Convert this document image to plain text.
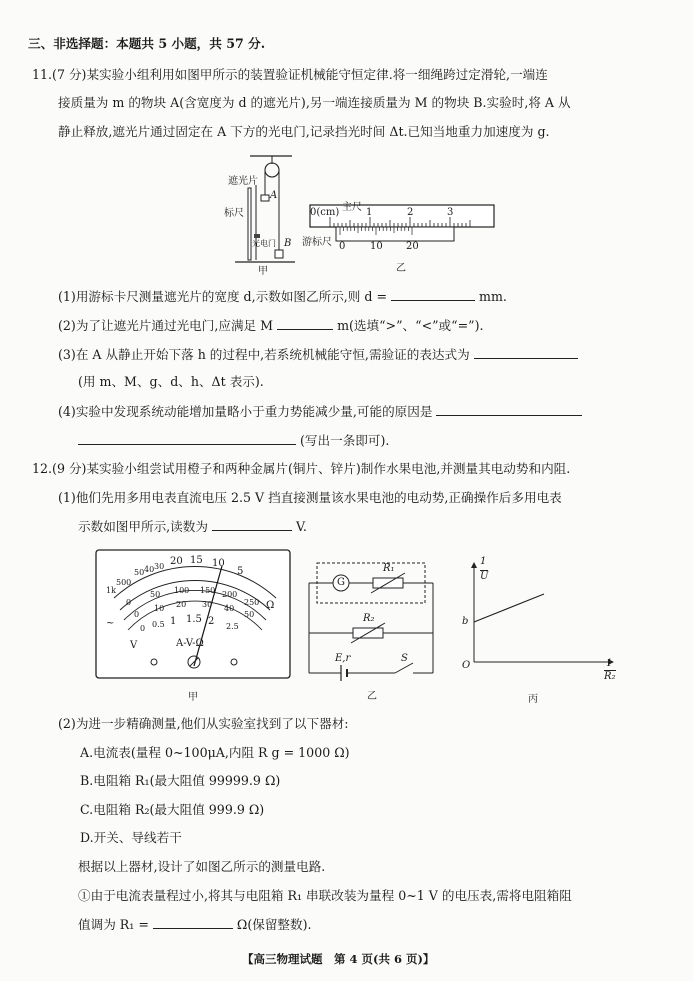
三、非选择题：本题共 5 小题，共 57 分.
11.(7 分)某实验小组利用如图甲所示的装置验证机械能守恒定律.将一细绳跨过定滑轮,一端连
接质量为 m 的物块 A(含宽度为 d 的遮光片),另一端连接质量为 M 的物块 B.实验时,将 A 从
静止释放,遮光片通过固定在 A 下方的光电门,记录挡光时间 Δt.已知当地重力加速度为 g.
遮光片
A
标尺
光电门 B
甲
0(cm) 主尺 1	2	3
游标尺 0 10 20
乙
(1)用游标卡尺测量遮光片的宽度 d,示数如图乙所示,则 d =	mm.
(2)为了让遮光片通过光电门,应满足 M	m(选填“>”、“<”或“=”).
(3)在 A 从静止开始下落 h 的过程中,若系统机械能守恒,需验证的表达式为
(用 m、M、g、d、h、Δt 表示).
(4)实验中发现系统动能增加量略小于重力势能减少量,可能的原因是
(写出一条即可).
12.(9 分)某实验小组尝试用橙子和两种金属片(铜片、锌片)制作水果电池,并测量其电动势和内阻.
(1)他们先用多用电表直流电压 2.5 V 挡直接测量该水果电池的电动势,正确操作后多用电表
示数如图甲所示,读数为	V.
1k
500
50 40 30 20 15 10
5
0
50 100 150 200
250
0
10 20 30 40
50
0 0.5 1 1.5 2 2.5
Ω
~
V	A-V-Ω
甲
G
R₁
R₂
E,r	S
乙
1
U
b
O	1
R₂
丙
(2)为进一步精确测量,他们从实验室找到了以下器材:
A.电流表(量程 0~100μA,内阻 R g = 1000 Ω)
B.电阻箱 R₁(最大阻值 99999.9 Ω)
C.电阻箱 R₂(最大阻值 999.9 Ω)
D.开关、导线若干
根据以上器材,设计了如图乙所示的测量电路.
①由于电流表量程过小,将其与电阻箱 R₁ 串联改装为量程 0~1 V 的电压表,需将电阻箱阻
值调为 R₁ =	Ω(保留整数).
【高三物理试题　第 4 页(共 6 页)】
